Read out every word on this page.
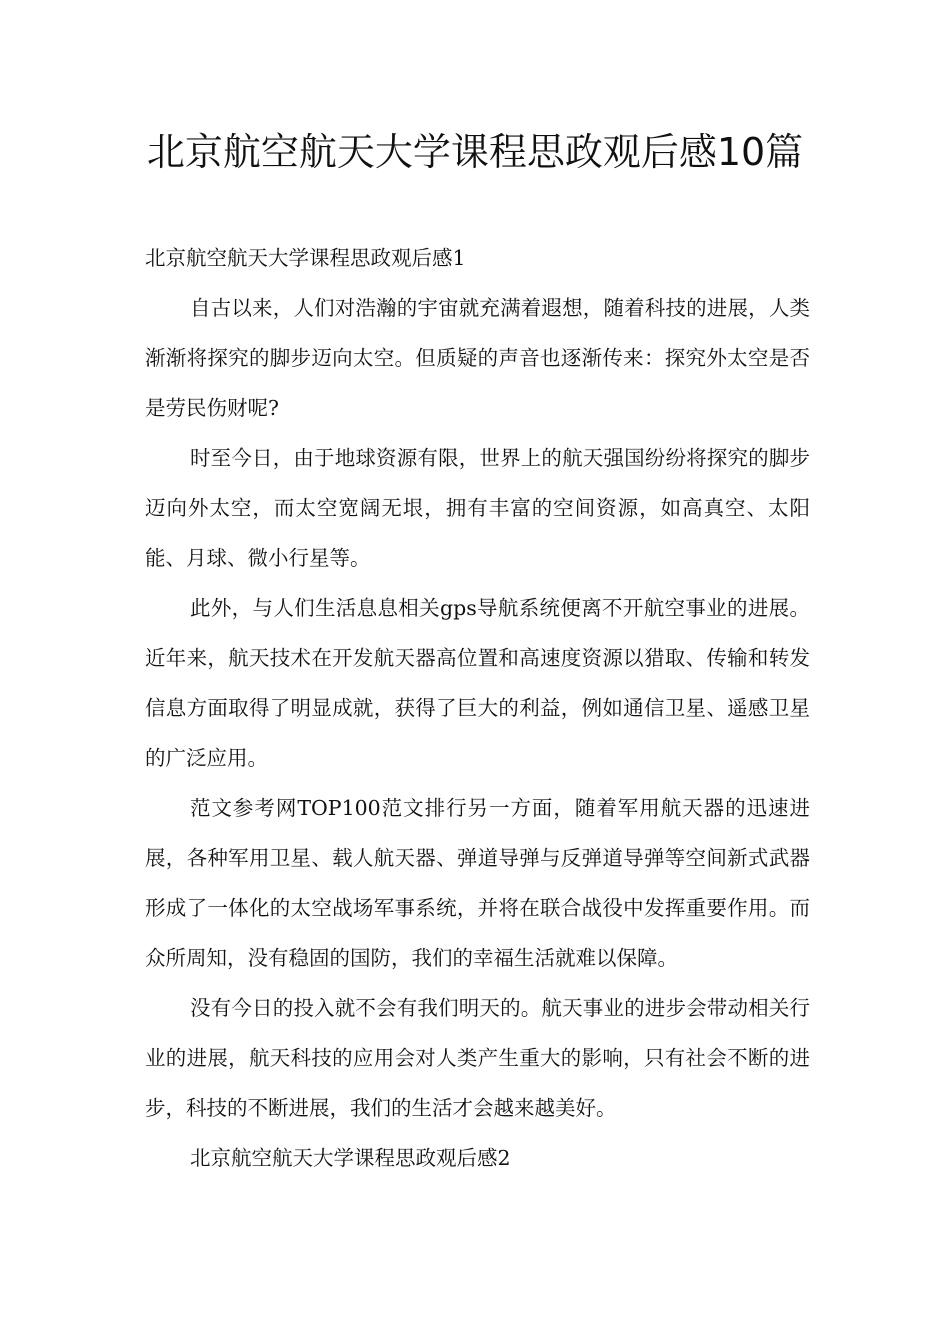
北京航空航天大学课程思政观后感10篇

北京航空航天大学课程思政观后感1

自古以来，人们对浩瀚的宇宙就充满着遐想，随着科技的进展，人类渐渐将探究的脚步迈向太空。但质疑的声音也逐渐传来：探究外太空是否是劳民伤财呢?

时至今日，由于地球资源有限，世界上的航天强国纷纷将探究的脚步迈向外太空，而太空宽阔无垠，拥有丰富的空间资源，如高真空、太阳能、月球、微小行星等。

此外，与人们生活息息相关gps导航系统便离不开航空事业的进展。近年来，航天技术在开发航天器高位置和高速度资源以猎取、传输和转发信息方面取得了明显成就，获得了巨大的利益，例如通信卫星、遥感卫星的广泛应用。

范文参考网TOP100范文排行另一方面，随着军用航天器的迅速进展，各种军用卫星、载人航天器、弹道导弹与反弹道导弹等空间新式武器形成了一体化的太空战场军事系统，并将在联合战役中发挥重要作用。而众所周知，没有稳固的国防，我们的幸福生活就难以保障。

没有今日的投入就不会有我们明天的。航天事业的进步会带动相关行业的进展，航天科技的应用会对人类产生重大的影响，只有社会不断的进步，科技的不断进展，我们的生活才会越来越美好。

北京航空航天大学课程思政观后感2
